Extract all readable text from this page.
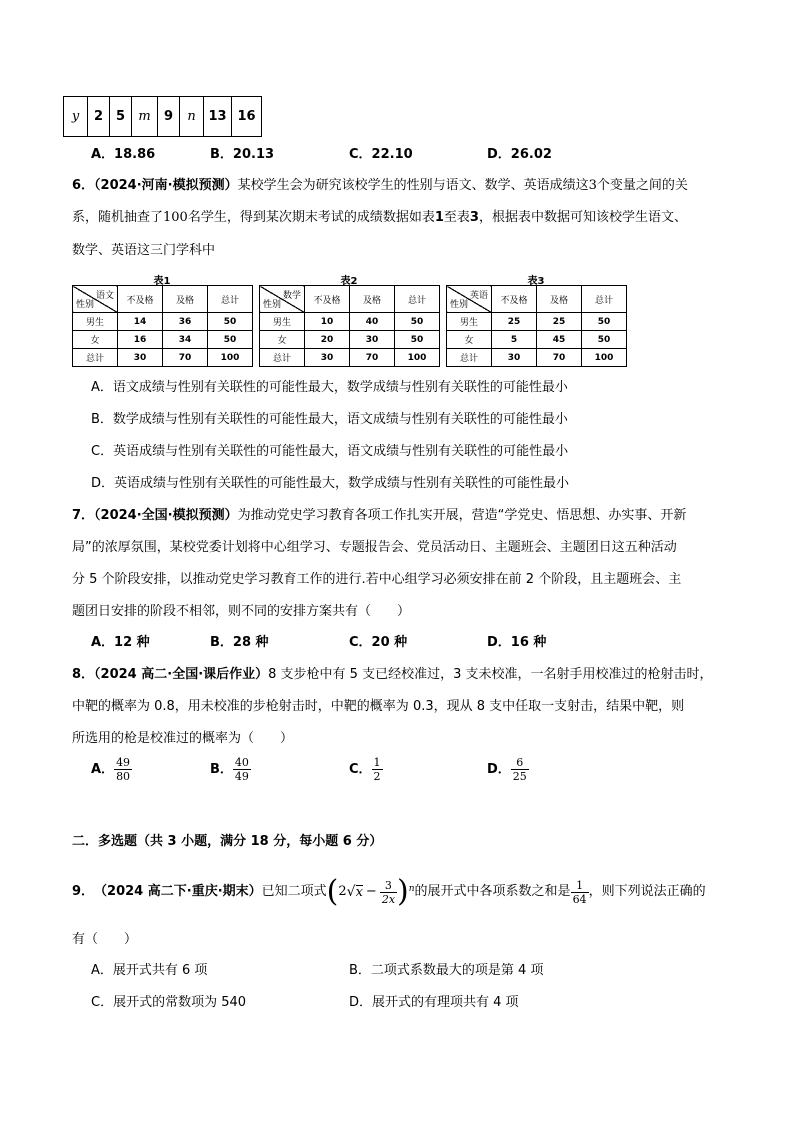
y	2	5	m	9	n	13	16
A．18.86	B．20.13	C．22.10	D．26.02
6．（2024·河南·模拟预测）某校学生会为研究该校学生的性别与语文、数学、英语成绩这3个变量之间的关
系，随机抽查了100名学生，得到某次期末考试的成绩数据如表1至表3，根据表中数据可知该校学生语文、
数学、英语这三门学科中
表1	表2	表3
语文
性别	不及格	及格	总计
男生	14	36	50
女	16	34	50
总计	30	70	100
数学
性别	不及格	及格	总计
男生	10	40	50
女	20	30	50
总计	30	70	100
英语
性别	不及格	及格	总计
男生	25	25	50
女	5	45	50
总计	30	70	100
A．语文成绩与性别有关联性的可能性最大，数学成绩与性别有关联性的可能性最小
B．数学成绩与性别有关联性的可能性最大，语文成绩与性别有关联性的可能性最小
C．英语成绩与性别有关联性的可能性最大，语文成绩与性别有关联性的可能性最小
D．英语成绩与性别有关联性的可能性最大，数学成绩与性别有关联性的可能性最小
7．（2024·全国·模拟预测）为推动党史学习教育各项工作扎实开展，营造“学党史、悟思想、办实事、开新
局”的浓厚氛围，某校党委计划将中心组学习、专题报告会、党员活动日、主题班会、主题团日这五种活动
分 5 个阶段安排，以推动党史学习教育工作的进行.若中心组学习必须安排在前 2 个阶段，且主题班会、主
题团日安排的阶段不相邻，则不同的安排方案共有（　　）
A．12 种	B．28 种	C．20 种	D．16 种
8．（2024 高二·全国·课后作业）8 支步枪中有 5 支已经校准过，3 支未校准，一名射手用校准过的枪射击时，
中靶的概率为 0.8，用未校准的步枪射击时，中靶的概率为 0.3，现从 8 支中任取一支射击，结果中靶，则
所选用的枪是校准过的概率为（　　）
A． $\frac{49}{80}$	B． $\frac{40}{49}$	C． $\frac{1}{2}$	D． $\frac{6}{25}$
二．多选题（共 3 小题，满分 18 分，每小题 6 分）
9． （2024 高二下·重庆·期末） 已知二项式 ( 2 √ $x - \frac{3}{2x}$ ) n 的展开式中各项系数之和是 $\frac{1}{64}$ ，则下列说法正确的
有（　　）
A．展开式共有 6 项	B．二项式系数最大的项是第 4 项
C．展开式的常数项为 540	D．展开式的有理项共有 4 项
